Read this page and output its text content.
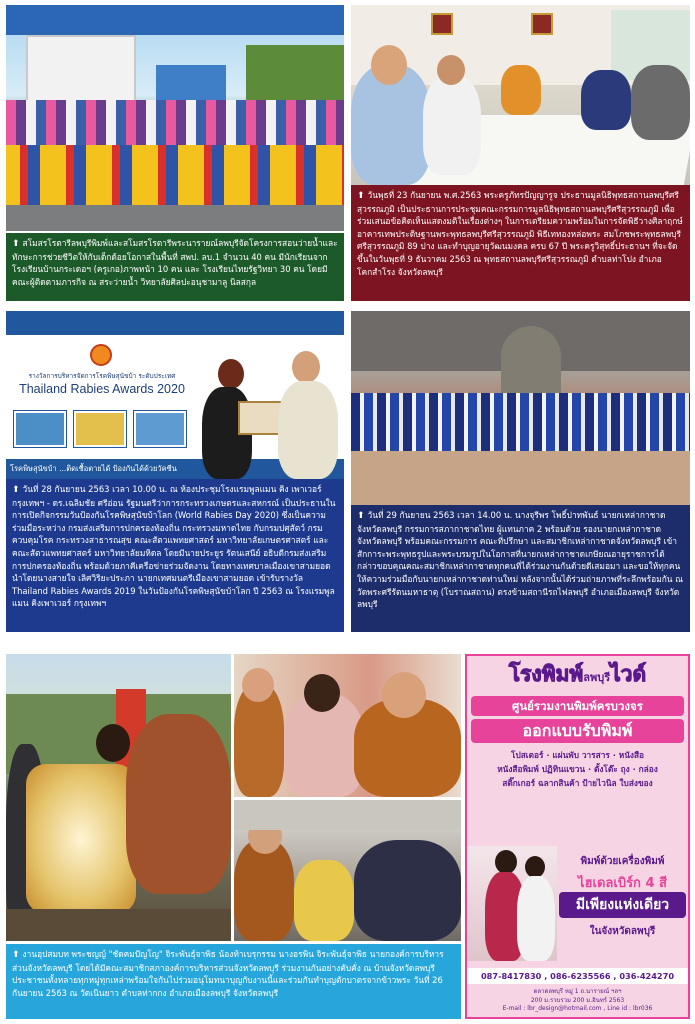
⬆ สโมสรโรตารีลพบุรีพิมพ์และสโมสรโรตารีพระนารายณ์ลพบุรีจัดโครงการสอนว่ายน้ำและทักษะการช่วยชีวิตให้กับเด็กด้อยโอกาสในพื้นที่ สพป. ลบ.1 จำนวน 40 คน มีนักเรียนจาก โรงเรียนบ้านกระเดอฯ (ครูเกอ)ภาพหน้า 10 คน และ โรงเรียนไทยรัฐวิทยา 30 คน โดยมีคณะผู้ติดตามภารกิจ ณ สระว่ายน้ำ วิทยาลัยศิลปะอนุชามาลู นิลสกุล
⬆ วันพุธที่ 23 กันยายน พ.ศ.2563 พระครูภัทรปัญญารูจ ประธานมูลนิธิพุทธสถานลพบุรีศรีสุวรรณภูมิ เป็นประธานการประชุมคณะกรรมการมูลนิธิพุทธสถานลพบุรีศรีสุวรรณภูมิ เพื่อร่วมเสนอข้อคิดเห็นแสดงมติในเรื่องต่างๆ ในการเตรียมความพร้อมในการจัดพิธีวางศิลาฤกษ์อาคารเทพประดิษฐานพระพุทธลพบุรีศรีสุวรรณภูมิ พิธีเททองหล่อพระ สมโภชพระพุทธลพบุรีศรีสุวรรณภูมิ 89 ปาง และทำบุญอายุวัฒนมงคล ครบ 67 ปี พระครูวิสุทธิ์ประธานฯ ที่จะจัดขึ้นในวันพุธที่ 9 ธันวาคม 2563 ณ พุทธสถานลพบุรีศรีสุวรรณภูมิ ตำบลท่าโปง อำเภอโคกสำโรง จังหวัดลพบุรี
รางวัลการบริหารจัดการโรคพิษสุนัขบ้า ระดับประเทศ
Thailand Rabies Awards 2020
โรคพิษสุนัขบ้า ...ติดเชื้อตายได้ ป้องกันได้ด้วยวัคซีน
⬆ วันที่ 28 กันยายน 2563 เวลา 10.00 น. ณ ห้องประชุมโรงแรมพูลแมน คิง เพาเวอร์ กรุงเทพฯ - ดร.เฉลิมชัย ศรีอ่อน รัฐมนตรีว่าการกระทรวงเกษตรและสหกรณ์ เป็นประธานในการเปิดกิจกรรมวันป้องกันโรคพิษสุนัขบ้าโลก (World Rabies Day 2020) ซึ่งเป็นความร่วมมือระหว่าง กรมส่งเสริมการปกครองท้องถิ่น กระทรวงมหาดไทย กับกรมปศุสัตว์ กรมควบคุมโรค กระทรวงสาธารณสุข คณะสัตวแพทยศาสตร์ มหาวิทยาลัยเกษตรศาสตร์ และคณะสัตวแพทยศาสตร์ มหาวิทยาลัยมหิดล โดยมีนายประยูร รัตนเสนีย์ อธิบดีกรมส่งเสริมการปกครองท้องถิ่น พร้อมด้วยภาคีเครือข่ายร่วมจัดงาน โดยทางเทศบาลเมืองเขาสามยอด นำโดยนางสายใจ เลิศวิริยะประภา นายกเทศมนตรีเมืองเขาสามยอด เข้ารับรางวัล Thailand Rabies Awards 2019 ในวันป้องกันโรคพิษสุนัขบ้าโลก ปี 2563 ณ โรงแรมพูลแมน คิงเพาเวอร์ กรุงเทพฯ
⬆ วันที่ 29 กันยายน 2563 เวลา 14.00 น. นางจุรีพร โพธิ์ปาทพันธ์ นายกเหล่ากาชาดจังหวัดลพบุรี กรรมการสภากาชาดไทย ผู้แทนภาค 2 พร้อมด้วย รองนายกเหล่ากาชาดจังหวัดลพบุรี พร้อมคณะกรรมการ คณะที่ปรึกษา และสมาชิกเหล่ากาชาดจังหวัดลพบุรี เข้าสักการะพระพุทธรูปและพระบรมรูปในโอกาสที่นายกเหล่ากาชาดเกษียณอายุราชการได้กล่าวขอบคุณคณะสมาชิกเหล่ากาชาดทุกคนที่ได้ร่วมงานกันด้วยดีเสมอมา และขอให้ทุกคนให้ความร่วมมือกับนายกเหล่ากาชาดท่านใหม่ หลังจากนั้นได้ร่วมถ่ายภาพที่ระลึกพร้อมกัน ณ วัดพระศรีรัตนมหาธาตุ (โบราณสถาน) ตรงข้ามสถานีรถไฟลพบุรี อำเภอเมืองลพบุรี จังหวัดลพบุรี
⬆ งานอุปสมบท พระชญญ์ "ชัดคมปัญโญ" จิระพันธุ์จาพิธ น้องท้าเบรุกรรม นางอรพิน จิระพันธุ์จาพิธ นายกองค์การบริหารส่วนจังหวัดลพบุรี โดยได้มีคณะสมาชิกสภาองค์การบริหารส่วนจังหวัดลพบุรี ร่วมงานกันอย่างคับคั่ง ณ บ้านจังหวัดลพบุรี ประชาชนทั้งหลายทุกหมู่ทุกเหล่าพร้อมใจกันไปร่วมอนุโมทนาบุญกับงานนี้และร่วมกันทำบุญตักบาตรจากข้าวพระ วันที่ 26 กันยายน 2563 ณ วัดเนินยาว ตำบลท่ากกง อำเภอเมืองลพบุรี จังหวัดลพบุรี
โรงพิมพ์ลพบุรีไวด์
ศูนย์รวมงานพิมพ์ครบวงจร
ออกแบบรับพิมพ์
โปสเตอร์ · แผ่นพับ วารสาร · หนังสือ
หนังสือพิมพ์ ปฏิทินแขวน · ตั้งโต๊ะ ถุง · กล่อง
สติ๊กเกอร์ ฉลากสินค้า ป้ายไวนิล ใบส่งของ
พิมพ์ด้วยเครื่องพิมพ์
ไฮเดลเบิร์ก 4 สี
มีเพียงแห่งเดียว
ในจังหวัดลพบุรี
087-8417830 , 086-6235566 , 036-424270
ตลาดลพบุรี หมู่ 1 ถ.นารายณ์ ฯลฯ
200 ม.รวบรวม 200 ม.อินทร์ 2563
E-mail : lbr_design@hotmail.com , Line id : lbr036
